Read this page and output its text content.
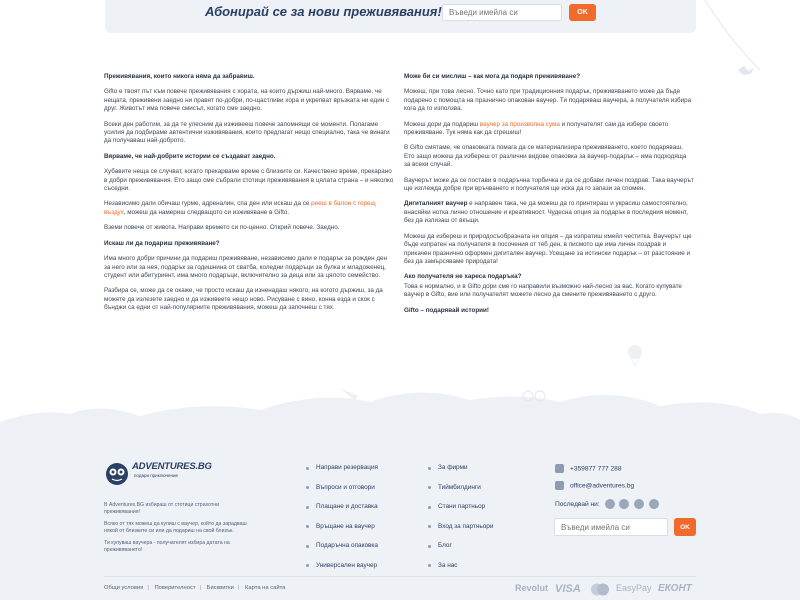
Абонирай се за нови преживявания!
Въведи имейла си	OK

Преживявания, които никога няма да забравиш.

Gifto е твоят път към повече преживявания с хората, на които държиш най-много. Вярваме, че нещата, преживени заедно ни правят по-добри, по-щастливи хора и укрепват връзката ни един с друг. Животът има повече смисъл, когато сме заедно.

Всеки ден работим, за да те улесним да изживееш повече запомнящи се моменти. Полагаме усилия да подбираме автентични изживявания, които предлагат нещо специално, така че винаги да получаваш най-доброто.

Вярваме, че най-добрите истории се създават заедно.

Хубавите неща се случват, когато прекарваме време с близките си. Качествено време, прекарано в добри преживявания. Ето защо сме събрали стотици преживявания в цялата страна – и няколко съседни.

Независимо дали обичаш гурме, адреналин, спа ден или искаш да се рееш в балон с горещ въздух, можеш да намериш следващото си изживяване в Gifto.

Вземи повече от живота. Направи времето си по-ценно. Открий повече. Заедно.

Искаш ли да подариш преживяване?

Има много добри причини да подариш преживяване, независимо дали е подарък за рожден ден за него или за нея, подарък за годишнина от сватба, коледни подаръци за булка и младоженец, студент или абитуриент, има много подаръци, включително за деца или за цялото семейство.

Разбира се, може да се окаже, че просто искаш да изненадаш някого, на когото държиш, за да можете да излезете заедно и да изживеете нещо ново. Рисуване с вино, конна езда и скок с бънджи са едни от най-популярните преживявания, можеш да започнеш с тях.

Може би си мислиш – как мога да подаря преживяване?

Можеш, при това лесно. Точно като при традиционния подарък, преживяването може да бъде подарено с помощта на празнично опакован ваучер. Ти подаряваш ваучера, а получателя избира кога да го използва.

Можеш дори да подариш ваучер за произволна сума и получателят сам да избере своето преживяване. Тук няма как да сгрешиш!

В Gifto смятаме, че опаковката помага да се материализира преживяването, което подаряваш. Ето защо можеш да избереш от различни видове опаковка за ваучер-подарък – има подходяща за всеки случай.

Ваучерът може да се постави в подаръчна торбичка и да се добави личен поздрав. Така ваучерът ще изглежда добре при връчването и получателя ще иска да го запази за спомен.

Дигиталният ваучер е направен така, че да можеш да го принтираш и украсиш самостоятелно, внасяйки нотка лично отношение и креативност. Чудесна опция за подарък в последния момент, без да излизаш от вкъщи.

Можеш да избереш и природосъобразната ни опция – да изпратиш имейл честитка. Ваучерът ще бъде изпратен на получателя в посочения от теб ден, в писмото ще има личен поздрав и прикачен празнично оформен дигитален ваучер. Усещане за истински подарък – от разстояние и без да замърсяваме природата!

Ако получателя не хареса подаръка?

Това е нормално, и в Gifto дори сме го направили възможно най-лесно за вас. Когато купувате ваучер в Gifto, вие или получателят можете лесно да смените преживяването с друго.

Gifto – подарявай истории!

ADVENTURES.BG
подари приключение

В Adventures.BG избираш от стотици страхотни преживявания!

Всяко от тях можеш да купиш с ваучер, който да зарадваш някой от близките си или да подариш на свой близък.

Ти купуваш ваучера - получателят избира датата на преживяването!

Направи резервация
Въпроси и отговори
Плащане и доставка
Връщане на ваучер
Подаръчна опаковка
Универсален ваучер
За фирми
Тиймбилдинги
Стани партньор
Вход за партньори
Блог
За нас
+359877 777 288
office@adventures.bg
Последвай ни:
Въведи имейла си
OK
Общи условия | Поверителност | Бисквитки | Карта на сайта	Revolut VISA	EasyPay ЕКОНТ
